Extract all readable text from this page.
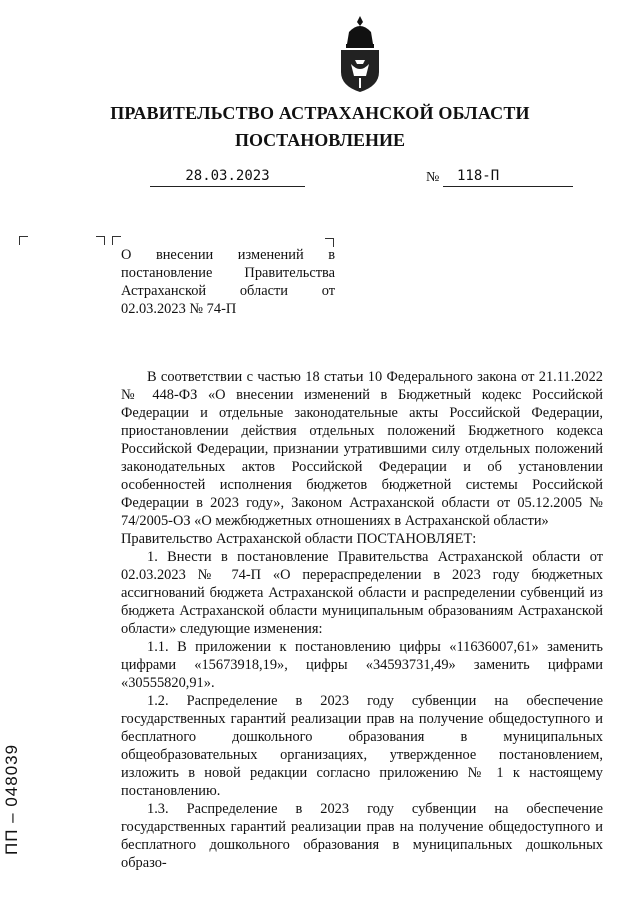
ПРАВИТЕЛЬСТВО АСТРАХАНСКОЙ ОБЛАСТИ
ПОСТАНОВЛЕНИЕ
28.03.2023	№	118-П
О внесении изменений в постановление Правительства Астраханской области от 02.03.2023 № 74-П

В соответствии с частью 18 статьи 10 Федерального закона от 21.11.2022 № 448-ФЗ «О внесении изменений в Бюджетный кодекс Российской Федерации и отдельные законодательные акты Российской Федерации, приостановлении действия отдельных положений Бюджетного кодекса Российской Федерации, признании утратившими силу отдельных положений законодательных актов Российской Федерации и об установлении особенностей исполнения бюджетов бюджетной системы Российской Федерации в 2023 году», Законом Астраханской области от 05.12.2005 № 74/2005-ОЗ «О межбюджетных отношениях в Астраханской области»

Правительство Астраханской области ПОСТАНОВЛЯЕТ:

1. Внести в постановление Правительства Астраханской области от 02.03.2023 № 74-П «О перераспределении в 2023 году бюджетных ассигнований бюджета Астраханской области и распределении субвенций из бюджета Астраханской области муниципальным образованиям Астраханской области» следующие изменения:

1.1. В приложении к постановлению цифры «11636007,61» заменить цифрами «15673918,19», цифры «34593731,49» заменить цифрами «30555820,91».

1.2. Распределение в 2023 году субвенции на обеспечение государственных гарантий реализации прав на получение общедоступного и бесплатного дошкольного образования в муниципальных общеобразовательных организациях, утвержденное постановлением, изложить в новой редакции согласно приложению № 1 к настоящему постановлению.

1.3. Распределение в 2023 году субвенции на обеспечение государственных гарантий реализации прав на получение общедоступного и бесплатного дошкольного образования в муниципальных дошкольных образо-

ПП – 048039
